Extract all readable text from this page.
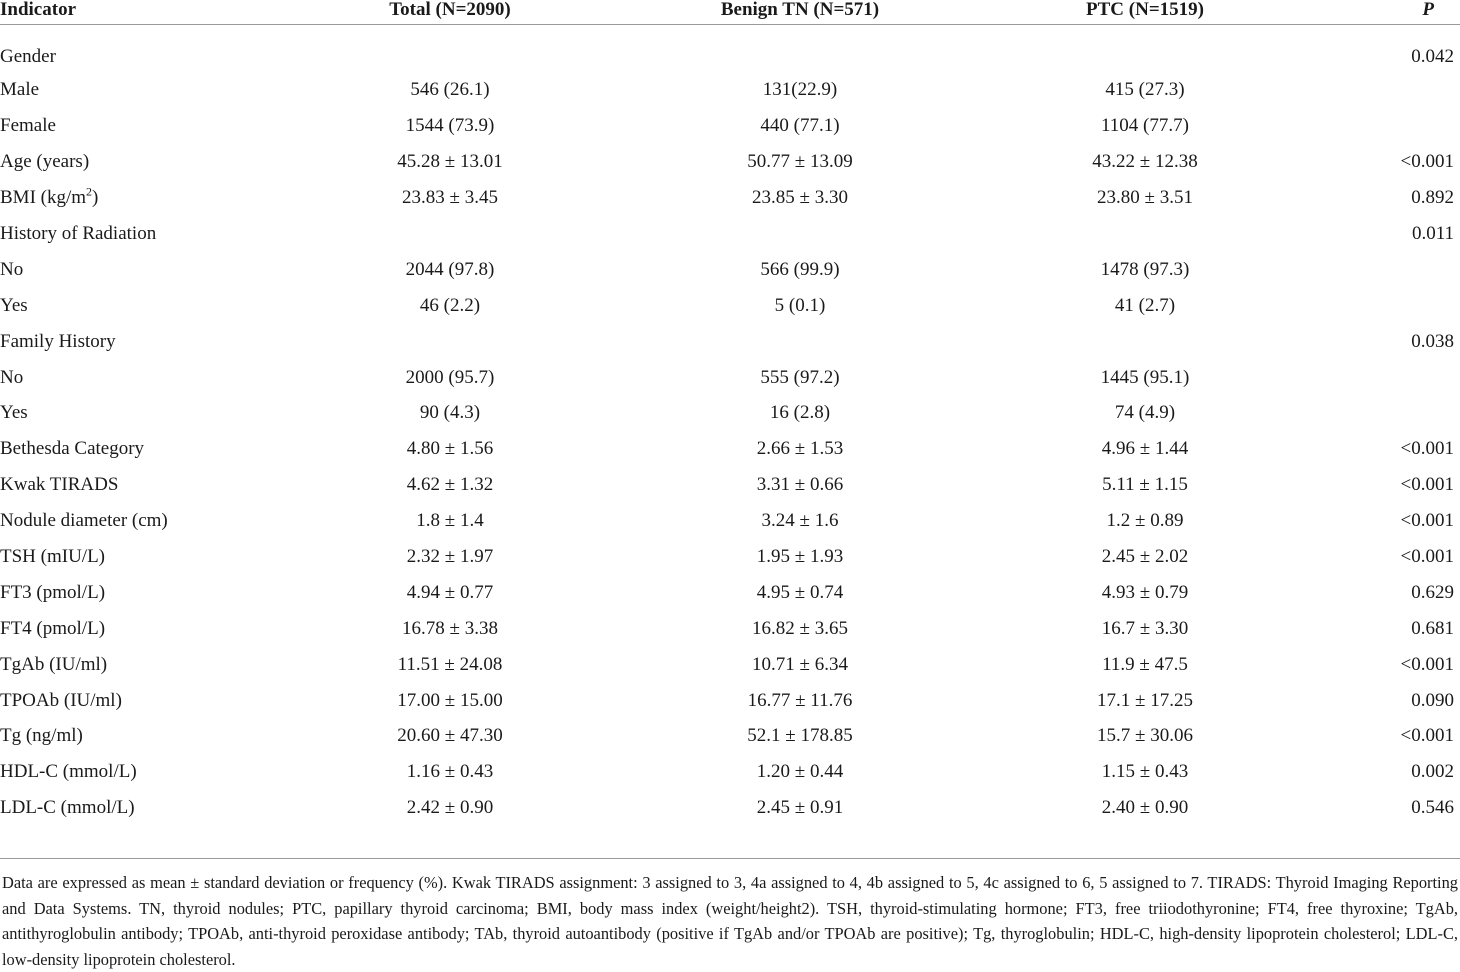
Indicator	Total (N=2090)	Benign TN (N=571)	PTC (N=1519)	P
Gender				0.042
Male	546 (26.1)	131(22.9)	415 (27.3)	
Female	1544 (73.9)	440 (77.1)	1104 (77.7)	
Age (years)	45.28 ± 13.01	50.77 ± 13.09	43.22 ± 12.38	<0.001
BMI $(kg/m^2)$	23.83 ± 3.45	23.85 ± 3.30	23.80 ± 3.51	0.892
History of Radiation				0.011
No	2044 (97.8)	566 (99.9)	1478 (97.3)	
Yes	46 (2.2)	5 (0.1)	41 (2.7)	
Family History				0.038
No	2000 (95.7)	555 (97.2)	1445 (95.1)	
Yes	90 (4.3)	16 (2.8)	74 (4.9)	
Bethesda Category	4.80 ± 1.56	2.66 ± 1.53	4.96 ± 1.44	<0.001
Kwak TIRADS	4.62 ± 1.32	3.31 ± 0.66	5.11 ± 1.15	<0.001
Nodule diameter (cm)	1.8 ± 1.4	3.24 ± 1.6	1.2 ± 0.89	<0.001
TSH (mIU/L)	2.32 ± 1.97	1.95 ± 1.93	2.45 ± 2.02	<0.001
FT3 (pmol/L)	4.94 ± 0.77	4.95 ± 0.74	4.93 ± 0.79	0.629
FT4 (pmol/L)	16.78 ± 3.38	16.82 ± 3.65	16.7 ± 3.30	0.681
TgAb (IU/ml)	11.51 ± 24.08	10.71 ± 6.34	11.9 ± 47.5	<0.001
TPOAb (IU/ml)	17.00 ± 15.00	16.77 ± 11.76	17.1 ± 17.25	0.090
Tg (ng/ml)	20.60 ± 47.30	52.1 ± 178.85	15.7 ± 30.06	<0.001
HDL-C (mmol/L)	1.16 ± 0.43	1.20 ± 0.44	1.15 ± 0.43	0.002
LDL-C (mmol/L)	2.42 ± 0.90	2.45 ± 0.91	2.40 ± 0.90	0.546
Data are expressed as mean ± standard deviation or frequency (%). Kwak TIRADS assignment: 3 assigned to 3, 4a assigned to 4, 4b assigned to 5, 4c assigned to 6, 5 assigned to 7. TIRADS: Thyroid Imaging Reporting and Data Systems. TN, thyroid nodules; PTC, papillary thyroid carcinoma; BMI, body mass index (weight/height2). TSH, thyroid-stimulating hormone; FT3, free triiodothyronine; FT4, free thyroxine; TgAb, antithyroglobulin antibody; TPOAb, anti-thyroid peroxidase antibody; TAb, thyroid autoantibody (positive if TgAb and/or TPOAb are positive); Tg, thyroglobulin; HDL-C, high-density lipoprotein cholesterol; LDL-C, low-density lipoprotein cholesterol.
